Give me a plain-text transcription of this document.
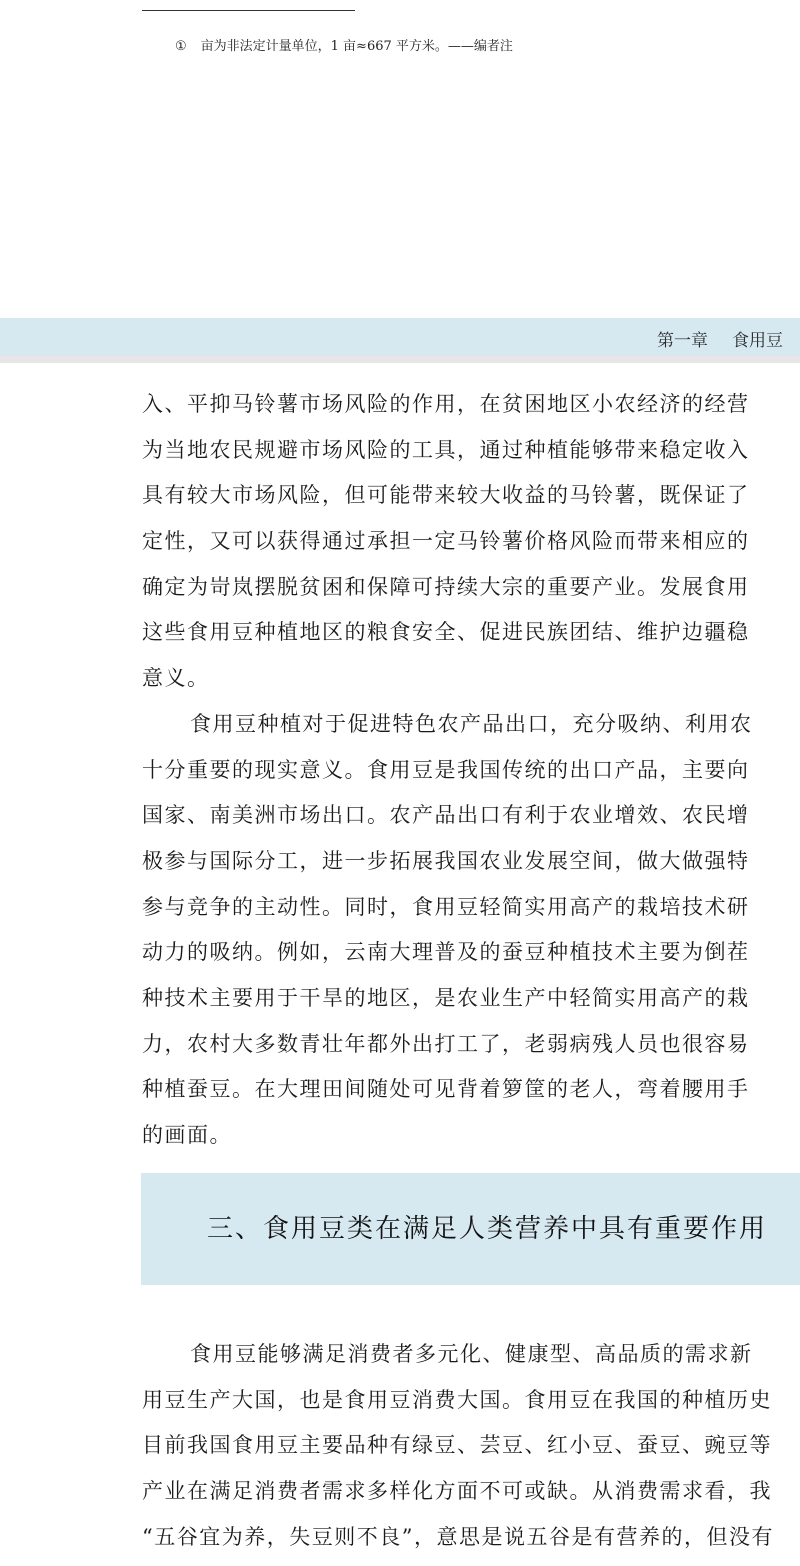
① 亩为非法定计量单位，1 亩≈667 平方米。——编者注
第一章 食用豆
入、平抑马铃薯市场风险的作用，在贫困地区小农经济的经营
为当地农民规避市场风险的工具，通过种植能够带来稳定收入
具有较大市场风险，但可能带来较大收益的马铃薯，既保证了
定性，又可以获得通过承担一定马铃薯价格风险而带来相应的
确定为岢岚摆脱贫困和保障可持续大宗的重要产业。发展食用
这些食用豆种植地区的粮食安全、促进民族团结、维护边疆稳
意义。
食用豆种植对于促进特色农产品出口，充分吸纳、利用农
十分重要的现实意义。食用豆是我国传统的出口产品，主要向
国家、南美洲市场出口。农产品出口有利于农业增效、农民增
极参与国际分工，进一步拓展我国农业发展空间，做大做强特
参与竞争的主动性。同时，食用豆轻简实用高产的栽培技术研
动力的吸纳。例如，云南大理普及的蚕豆种植技术主要为倒茬
种技术主要用于干旱的地区，是农业生产中轻简实用高产的栽
力，农村大多数青壮年都外出打工了，老弱病残人员也很容易
种植蚕豆。在大理田间随处可见背着箩筐的老人，弯着腰用手
的画面。
三、食用豆类在满足人类营养中具有重要作用
食用豆能够满足消费者多元化、健康型、高品质的需求新
用豆生产大国，也是食用豆消费大国。食用豆在我国的种植历史
目前我国食用豆主要品种有绿豆、芸豆、红小豆、蚕豆、豌豆等
产业在满足消费者需求多样化方面不可或缺。从消费需求看，我
“五谷宜为养，失豆则不良”，意思是说五谷是有营养的，但没有
